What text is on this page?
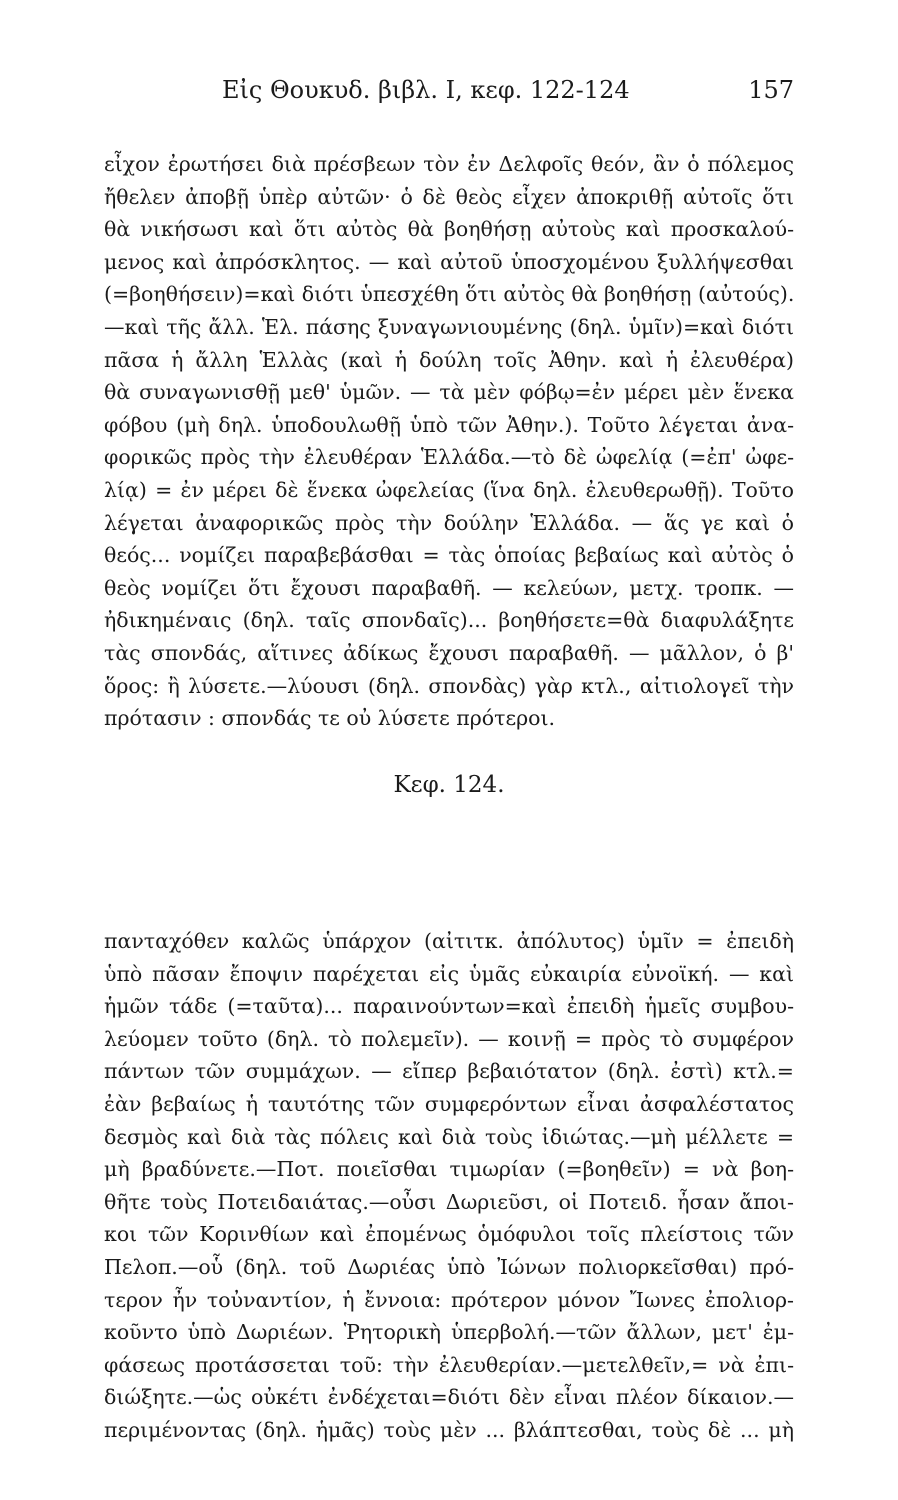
Εἰς Θουκυδ. βιβλ. I, κεφ. 122-124	157
εἶχον ἐρωτήσει διὰ πρέσβεων τὸν ἐν Δελφοῖς θεόν, ἂν ὁ πόλεμος
ἤθελεν ἀποβῇ ὑπὲρ αὐτῶν· ὁ δὲ θεὸς εἶχεν ἀποκριθῇ αὐτοῖς ὅτι
θὰ νικήσωσι καὶ ὅτι αὐτὸς θὰ βοηθήσῃ αὐτοὺς καὶ προσκαλού-
μενος καὶ ἀπρόσκλητος. — καὶ αὐτοῦ ὑποσχομένου ξυλλήψεσθαι
(=βοηθήσειν)=καὶ διότι ὑπεσχέθη ὅτι αὐτὸς θὰ βοηθήσῃ (αὐτούς).
—καὶ τῆς ἄλλ. Ἑλ. πάσης ξυναγωνιουμένης (δηλ. ὑμῖν)=καὶ διότι
πᾶσα ἡ ἄλλη Ἑλλὰς (καὶ ἡ δούλη τοῖς Ἀθην. καὶ ἡ ἐλευθέρα)
θὰ συναγωνισθῇ μεθ' ὑμῶν. — τὰ μὲν φόβῳ=ἐν μέρει μὲν ἕνεκα
φόβου (μὴ δηλ. ὑποδουλωθῇ ὑπὸ τῶν Ἀθην.). Τοῦτο λέγεται ἀνα-
φορικῶς πρὸς τὴν ἐλευθέραν Ἑλλάδα.—τὸ δὲ ὠφελίᾳ (=ἐπ' ὠφε-
λίᾳ) = ἐν μέρει δὲ ἕνεκα ὠφελείας (ἵνα δηλ. ἐλευθερωθῇ). Τοῦτο
λέγεται ἀναφορικῶς πρὸς τὴν δούλην Ἑλλάδα. — ἅς γε καὶ ὁ
θεός... νομίζει παραβεβάσθαι = τὰς ὁποίας βεβαίως καὶ αὐτὸς ὁ
θεὸς νομίζει ὅτι ἔχουσι παραβαθῆ. — κελεύων, μετχ. τροπκ. —
ἠδικημέναις (δηλ. ταῖς σπονδαῖς)... βοηθήσετε=θὰ διαφυλάξητε
τὰς σπονδάς, αἵτινες ἀδίκως ἔχουσι παραβαθῆ. — μᾶλλον, ὁ β'
ὅρος: ἢ λύσετε.—λύουσι (δηλ. σπονδὰς) γὰρ κτλ., αἰτιολογεῖ τὴν
πρότασιν : σπονδάς τε οὐ λύσετε πρότεροι.
Κεφ. 124.
πανταχόθεν καλῶς ὑπάρχον (αἰτιτκ. ἀπόλυτος) ὑμῖν = ἐπειδὴ
ὑπὸ πᾶσαν ἔποψιν παρέχεται εἰς ὑμᾶς εὐκαιρία εὐνοϊκή. — καὶ
ἡμῶν τάδε (=ταῦτα)... παραινούντων=καὶ ἐπειδὴ ἡμεῖς συμβου-
λεύομεν τοῦτο (δηλ. τὸ πολεμεῖν). — κοινῇ = πρὸς τὸ συμφέρον
πάντων τῶν συμμάχων. — εἴπερ βεβαιότατον (δηλ. ἐστὶ) κτλ.=
ἐὰν βεβαίως ἡ ταυτότης τῶν συμφερόντων εἶναι ἀσφαλέστατος
δεσμὸς καὶ διὰ τὰς πόλεις καὶ διὰ τοὺς ἰδιώτας.—μὴ μέλλετε =
μὴ βραδύνετε.—Ποτ. ποιεῖσθαι τιμωρίαν (=βοηθεῖν) = νὰ βοη-
θῆτε τοὺς Ποτειδαιάτας.—οὖσι Δωριεῦσι, οἱ Ποτειδ. ἦσαν ἄποι-
κοι τῶν Κορινθίων καὶ ἐπομένως ὁμόφυλοι τοῖς πλείστοις τῶν
Πελοπ.—οὗ (δηλ. τοῦ Δωριέας ὑπὸ Ἰώνων πολιορκεῖσθαι) πρό-
τερον ἦν τοὐναντίον, ἡ ἔννοια: πρότερον μόνον Ἴωνες ἐπολιορ-
κοῦντο ὑπὸ Δωριέων. Ῥητορικὴ ὑπερβολή.—τῶν ἄλλων, μετ' ἐμ-
φάσεως προτάσσεται τοῦ: τὴν ἐλευθερίαν.—μετελθεῖν,= νὰ ἐπι-
διώξητε.—ὡς οὐκέτι ἐνδέχεται=διότι δὲν εἶναι πλέον δίκαιον.—
περιμένοντας (δηλ. ἡμᾶς) τοὺς μὲν ... βλάπτεσθαι, τοὺς δὲ ... μὴ
